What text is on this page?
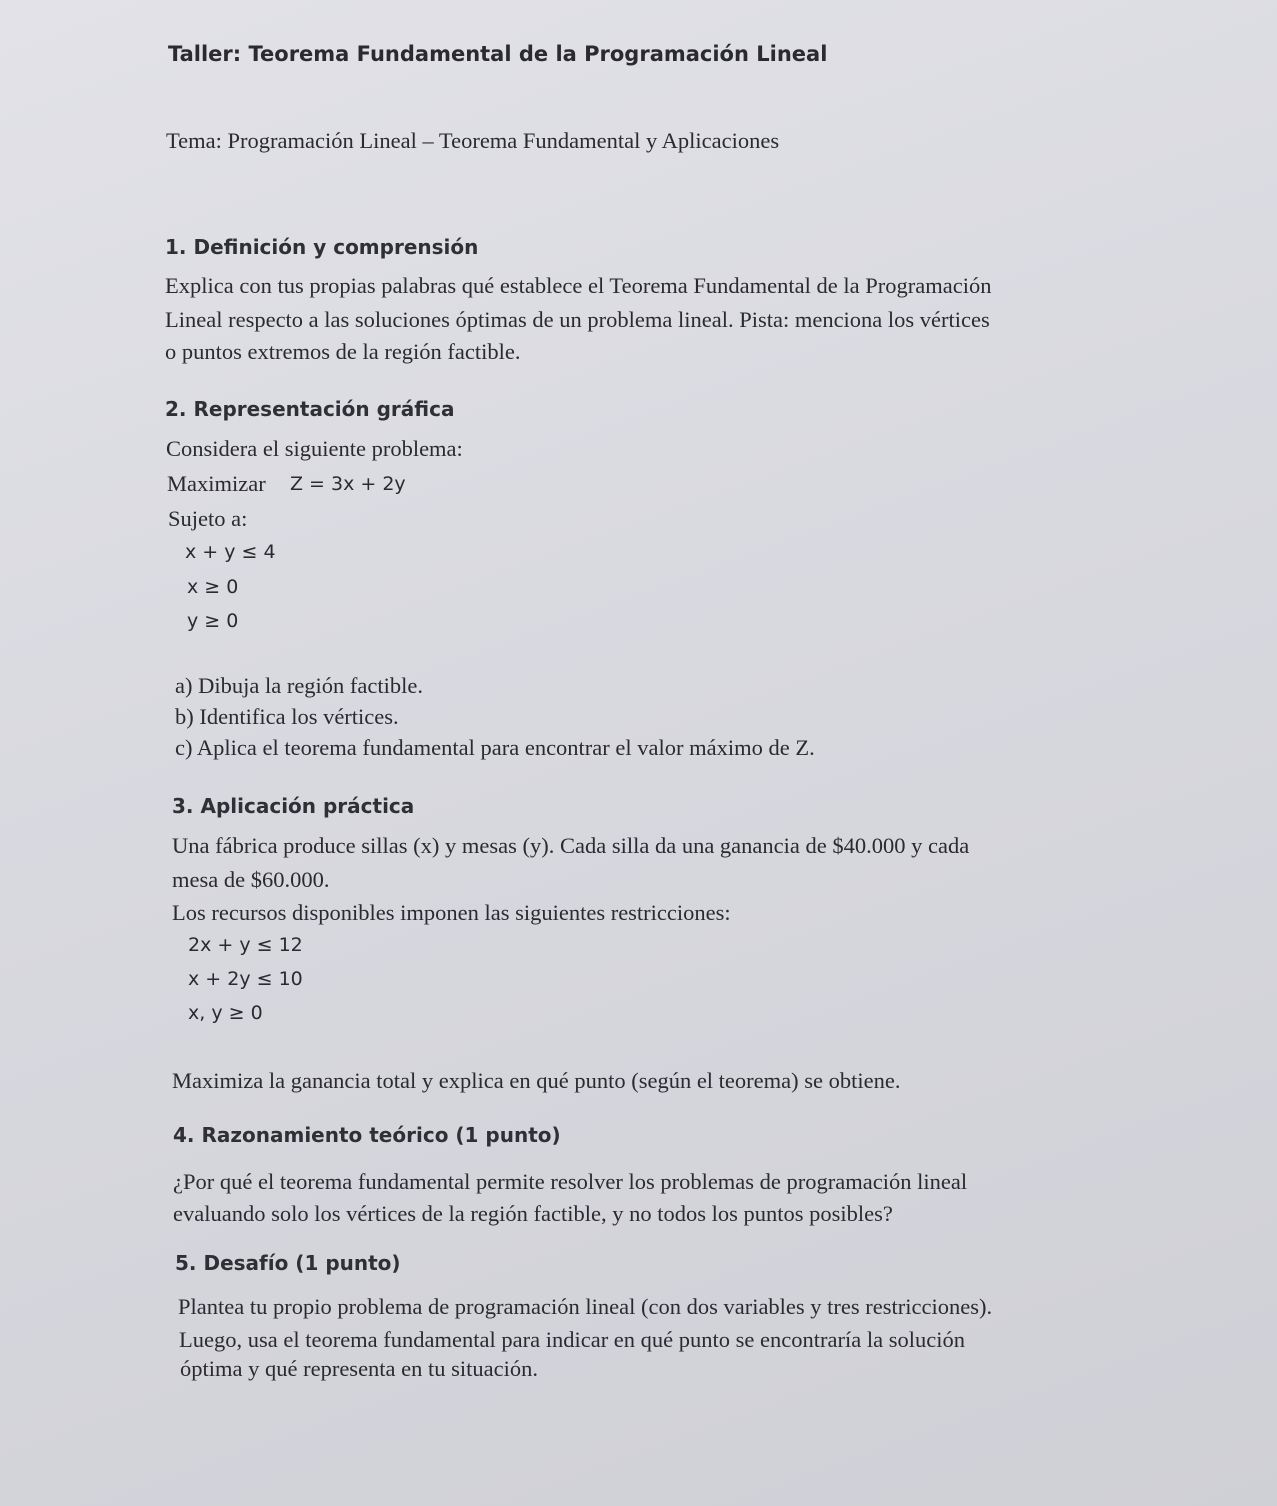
Taller: Teorema Fundamental de la Programación Lineal
Tema: Programación Lineal – Teorema Fundamental y Aplicaciones
1. Definición y comprensión
Explica con tus propias palabras qué establece el Teorema Fundamental de la Programación
Lineal respecto a las soluciones óptimas de un problema lineal. Pista: menciona los vértices
o puntos extremos de la región factible.
2. Representación gráfica
Considera el siguiente problema:
Maximizar Z = 3x + 2y
Sujeto a:
x + y ≤ 4
x ≥ 0
y ≥ 0
a) Dibuja la región factible.
b) Identifica los vértices.
c) Aplica el teorema fundamental para encontrar el valor máximo de Z.
3. Aplicación práctica
Una fábrica produce sillas (x) y mesas (y). Cada silla da una ganancia de $40.000 y cada
mesa de $60.000.
Los recursos disponibles imponen las siguientes restricciones:
2x + y ≤ 12
x + 2y ≤ 10
x, y ≥ 0
Maximiza la ganancia total y explica en qué punto (según el teorema) se obtiene.
4. Razonamiento teórico (1 punto)
¿Por qué el teorema fundamental permite resolver los problemas de programación lineal
evaluando solo los vértices de la región factible, y no todos los puntos posibles?
5. Desafío (1 punto)
Plantea tu propio problema de programación lineal (con dos variables y tres restricciones).
Luego, usa el teorema fundamental para indicar en qué punto se encontraría la solución
óptima y qué representa en tu situación.
